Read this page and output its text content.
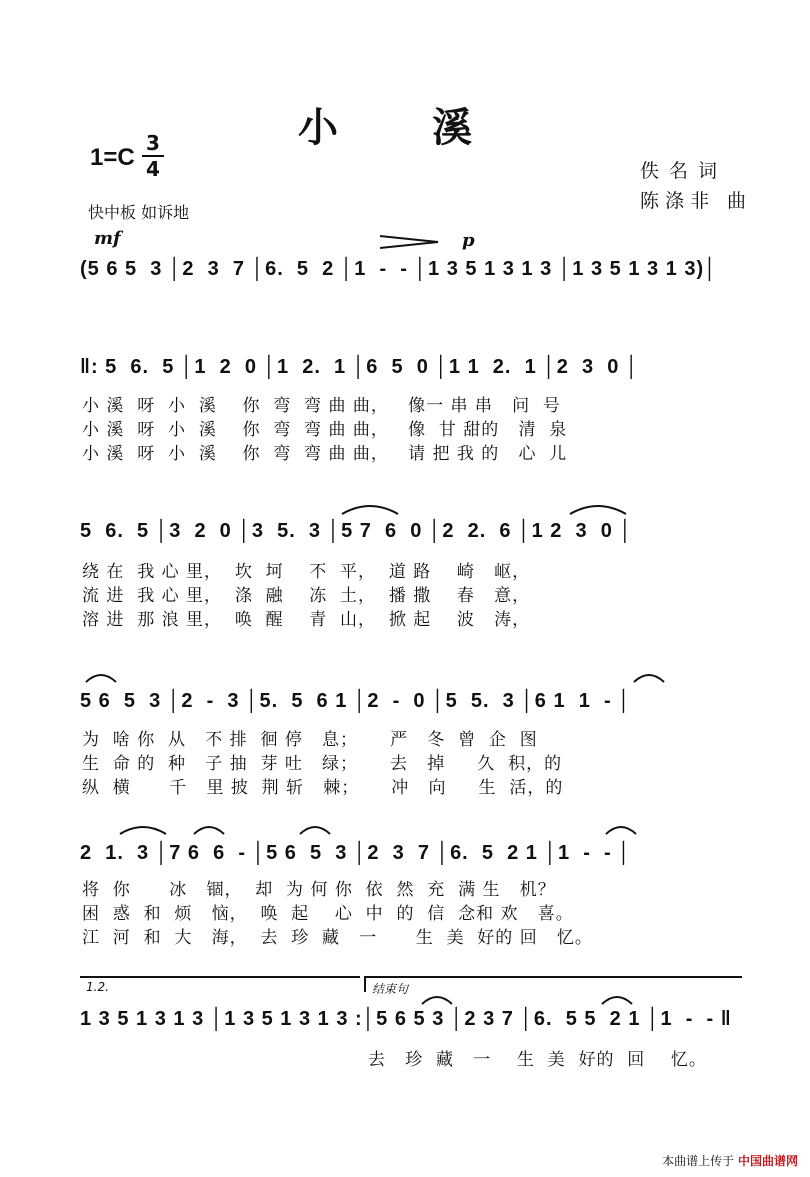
小 溪
1=C
3
4
快中板 如诉地
佚名词
陈涤非 曲
mf	p
(5 6 5  3 │2  3  7 │6.  5  2 │1  -  - │1 3 5 1 3 1 3 │1 3 5 1 3 1 3)│
‖: 5  6.  5 │1  2  0 │1  2.  1 │6  5  0 │1 1  2.  1 │2  3  0 │
小 溪  呀  小  溪    你  弯  弯 曲 曲，   像一 串 串   问  号
小 溪  呀  小  溪    你  弯  弯 曲 曲，   像  甘 甜的   清  泉
小 溪  呀  小  溪    你  弯  弯 曲 曲，   请 把 我 的   心  儿
5  6.  5 │3  2  0 │3  5.  3 │5 7  6  0 │2  2.  6 │1 2  3  0 │
绕 在  我 心 里，  坎  坷    不  平，  道 路    崎   岖，
流 进  我 心 里，  涤  融    冻  土，  播 撒    春   意，
溶 进  那 浪 里，  唤  醒    青  山，  掀 起    波   涛，
5 6  5  3 │2  -  3 │5.  5  6 1 │2  -  0 │5  5.  3 │6 1  1  - │
为  啥 你  从   不 排  徊 停   息；     严   冬  曾  企  图
生  命 的  种   子 抽  芽 吐   绿；     去   掉     久  积，的
纵  横      千   里 披  荆 斩   棘；     冲   向     生  活，的
2  1.  3 │7 6  6  - │5 6  5  3 │2  3  7 │6.  5  2 1 │1  -  - │
将  你      冰   锢，  却  为 何 你  依  然  充  满 生   机？
困  惑  和  烦   恼，  唤  起    心  中  的  信  念和 欢   喜。
江  河  和  大   海，  去  珍  藏   一      生  美  好的 回   忆。
1.2.	结束句
1 3 5 1 3 1 3 │1 3 5 1 3 1 3 :│5 6 5 3 │2 3 7 │6.  5 5  2 1 │1  -  - ‖
去   珍  藏   一    生  美  好的  回    忆。
本曲谱上传于 中国曲谱网
